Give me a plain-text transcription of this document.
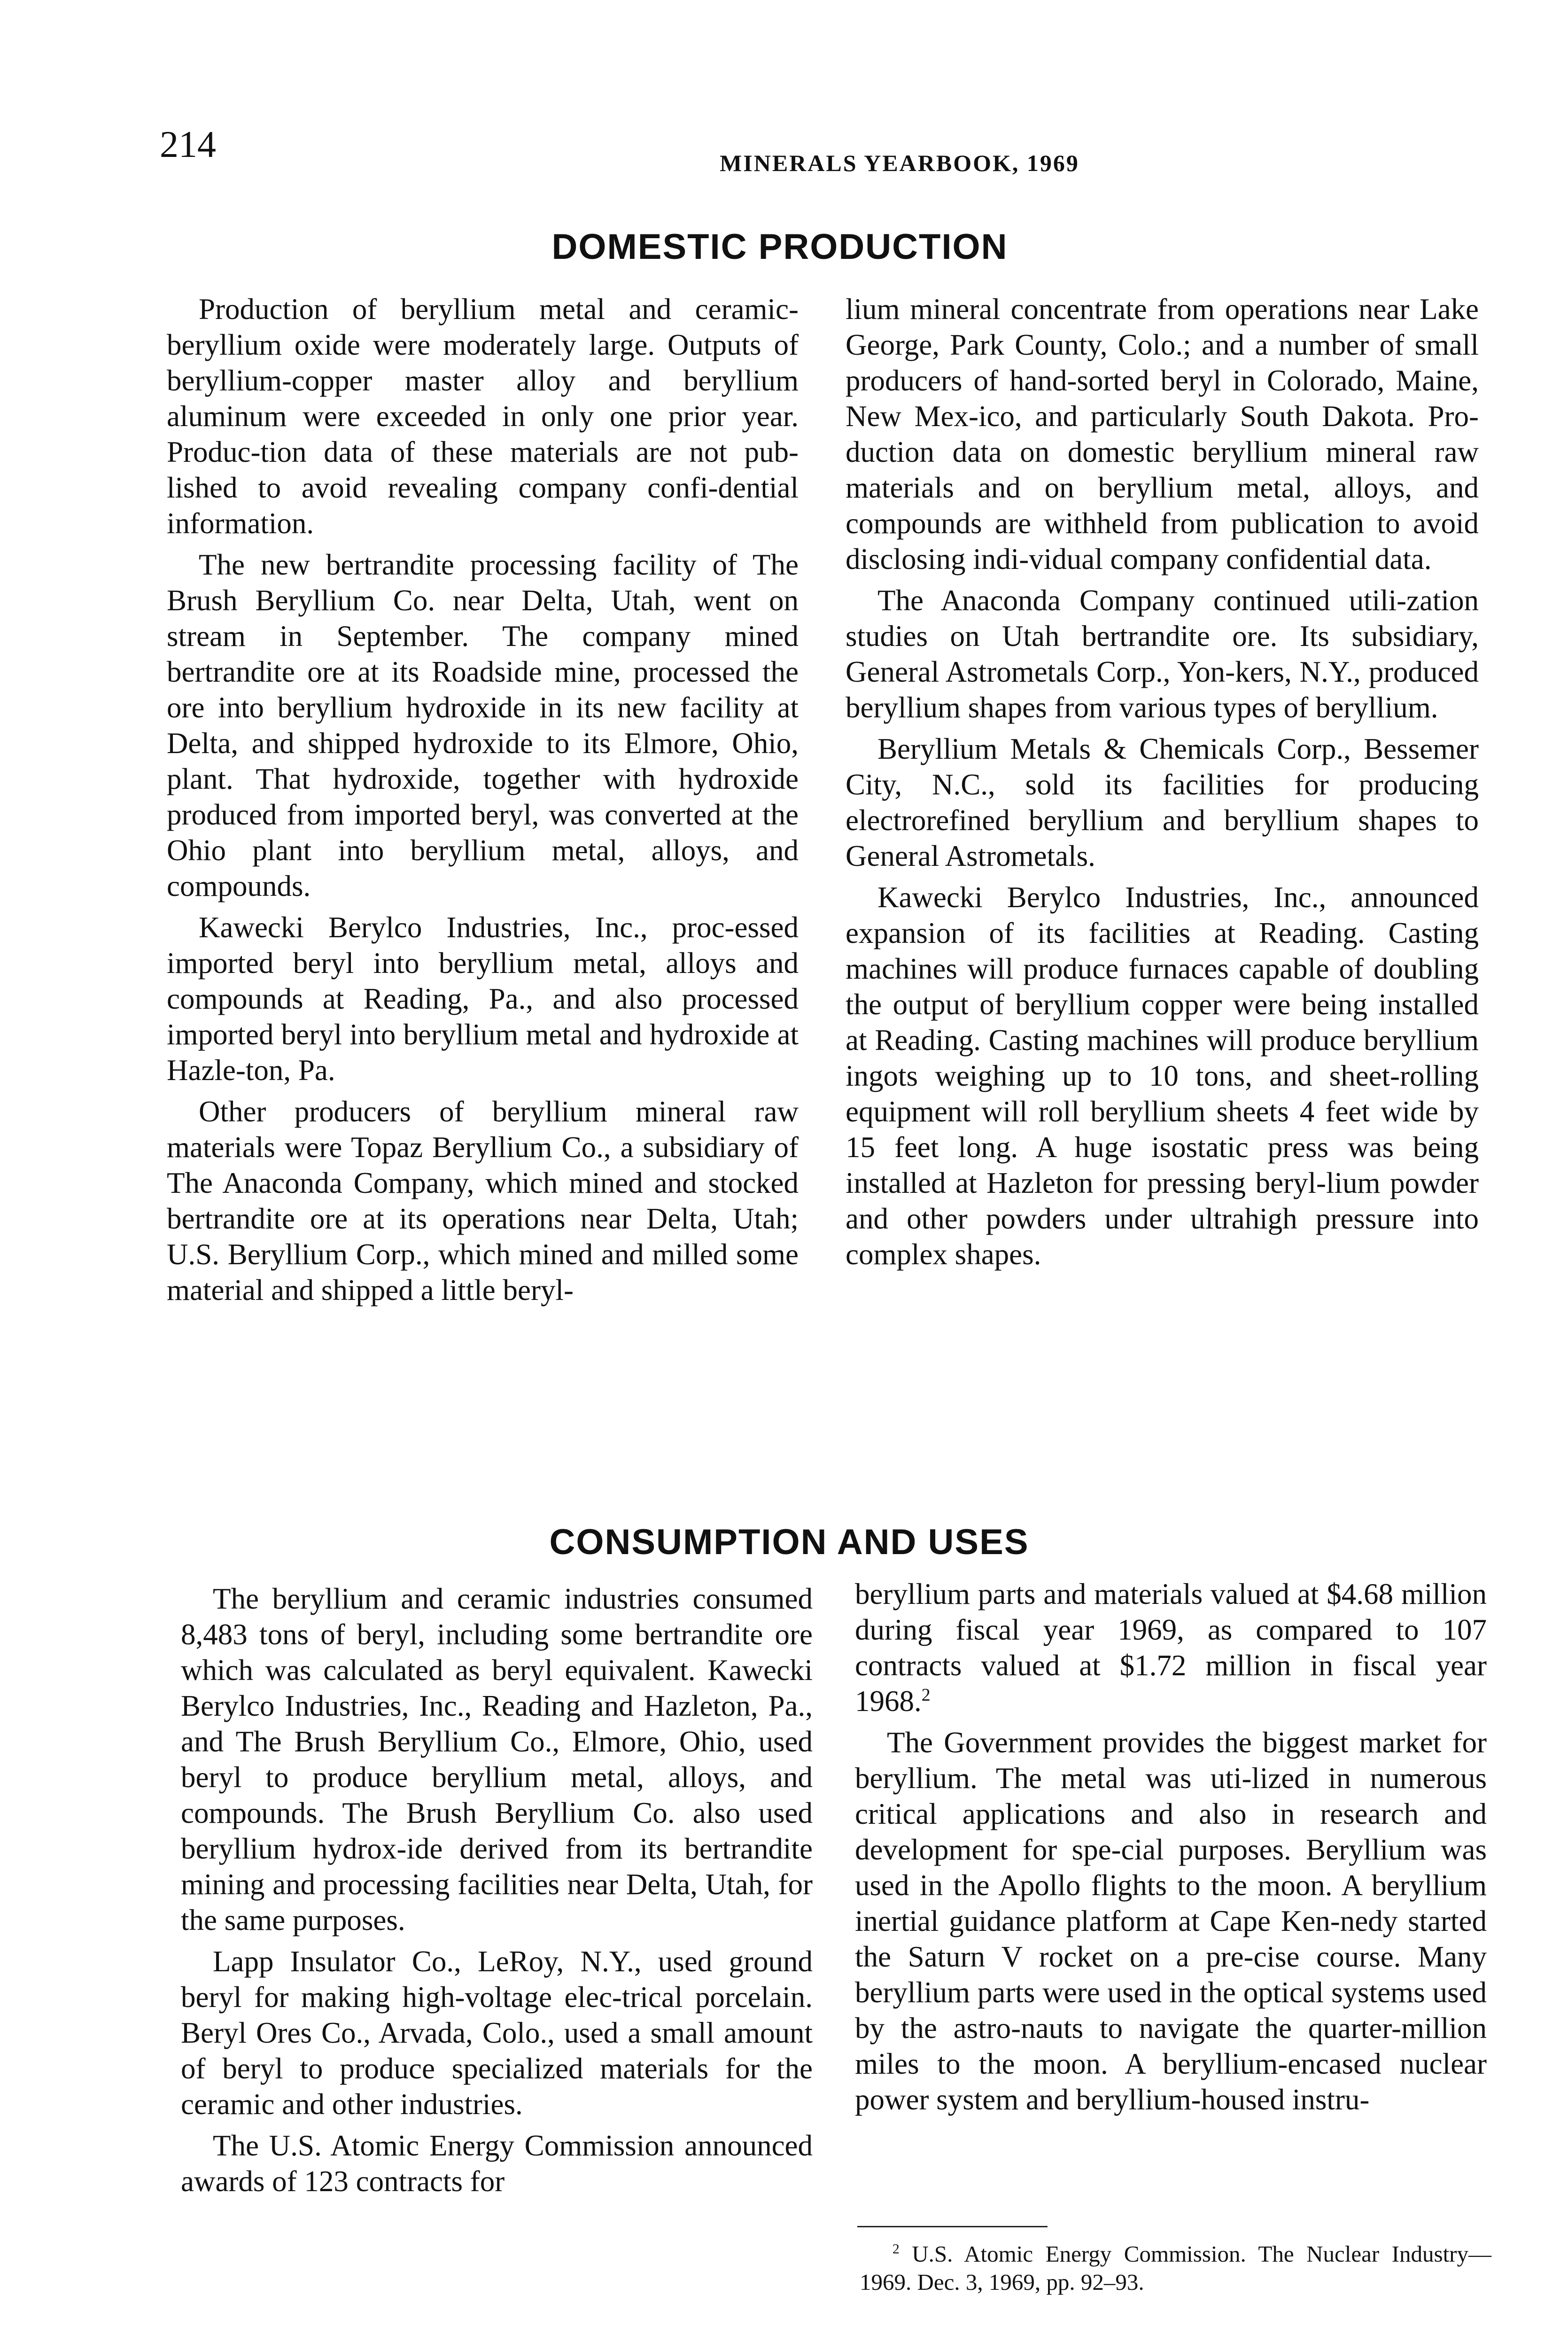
214	MINERALS YEARBOOK, 1969
DOMESTIC PRODUCTION

Production of beryllium metal and ceramic-beryllium oxide were moderately large. Outputs of beryllium-copper master alloy and beryllium aluminum were exceeded in only one prior year. Produc-tion data of these materials are not pub-lished to avoid revealing company confi-dential information.

The new bertrandite processing facility of The Brush Beryllium Co. near Delta, Utah, went on stream in September. The company mined bertrandite ore at its Roadside mine, processed the ore into beryllium hydroxide in its new facility at Delta, and shipped hydroxide to its Elmore, Ohio, plant. That hydroxide, together with hydroxide produced from imported beryl, was converted at the Ohio plant into beryllium metal, alloys, and compounds.

Kawecki Berylco Industries, Inc., proc-essed imported beryl into beryllium metal, alloys and compounds at Reading, Pa., and also processed imported beryl into beryllium metal and hydroxide at Hazle-ton, Pa.

Other producers of beryllium mineral raw materials were Topaz Beryllium Co., a subsidiary of The Anaconda Company, which mined and stocked bertrandite ore at its operations near Delta, Utah; U.S. Beryllium Corp., which mined and milled some material and shipped a little beryl-

lium mineral concentrate from operations near Lake George, Park County, Colo.; and a number of small producers of hand-sorted beryl in Colorado, Maine, New Mex-ico, and particularly South Dakota. Pro-duction data on domestic beryllium mineral raw materials and on beryllium metal, alloys, and compounds are withheld from publication to avoid disclosing indi-vidual company confidential data.

The Anaconda Company continued utili-zation studies on Utah bertrandite ore. Its subsidiary, General Astrometals Corp., Yon-kers, N.Y., produced beryllium shapes from various types of beryllium.

Beryllium Metals & Chemicals Corp., Bessemer City, N.C., sold its facilities for producing electrorefined beryllium and beryllium shapes to General Astrometals.

Kawecki Berylco Industries, Inc., announced expansion of its facilities at Reading. Casting machines will produce furnaces capable of doubling the output of beryllium copper were being installed at Reading. Casting machines will produce beryllium ingots weighing up to 10 tons, and sheet-rolling equipment will roll beryllium sheets 4 feet wide by 15 feet long. A huge isostatic press was being installed at Hazleton for pressing beryl-lium powder and other powders under ultrahigh pressure into complex shapes.

CONSUMPTION AND USES

The beryllium and ceramic industries consumed 8,483 tons of beryl, including some bertrandite ore which was calculated as beryl equivalent. Kawecki Berylco Industries, Inc., Reading and Hazleton, Pa., and The Brush Beryllium Co., Elmore, Ohio, used beryl to produce beryllium metal, alloys, and compounds. The Brush Beryllium Co. also used beryllium hydrox-ide derived from its bertrandite mining and processing facilities near Delta, Utah, for the same purposes.

Lapp Insulator Co., LeRoy, N.Y., used ground beryl for making high-voltage elec-trical porcelain. Beryl Ores Co., Arvada, Colo., used a small amount of beryl to produce specialized materials for the ceramic and other industries.

The U.S. Atomic Energy Commission announced awards of 123 contracts for

beryllium parts and materials valued at $4.68 million during fiscal year 1969, as compared to 107 contracts valued at $1.72 million in fiscal year 1968.$^2$

The Government provides the biggest market for beryllium. The metal was uti-lized in numerous critical applications and also in research and development for spe-cial purposes. Beryllium was used in the Apollo flights to the moon. A beryllium inertial guidance platform at Cape Ken-nedy started the Saturn V rocket on a pre-cise course. Many beryllium parts were used in the optical systems used by the astro-nauts to navigate the quarter-million miles to the moon. A beryllium-encased nuclear power system and beryllium-housed instru-

$^2$ U.S. Atomic Energy Commission. The Nuclear Industry—1969. Dec. 3, 1969, pp. 92–93.
